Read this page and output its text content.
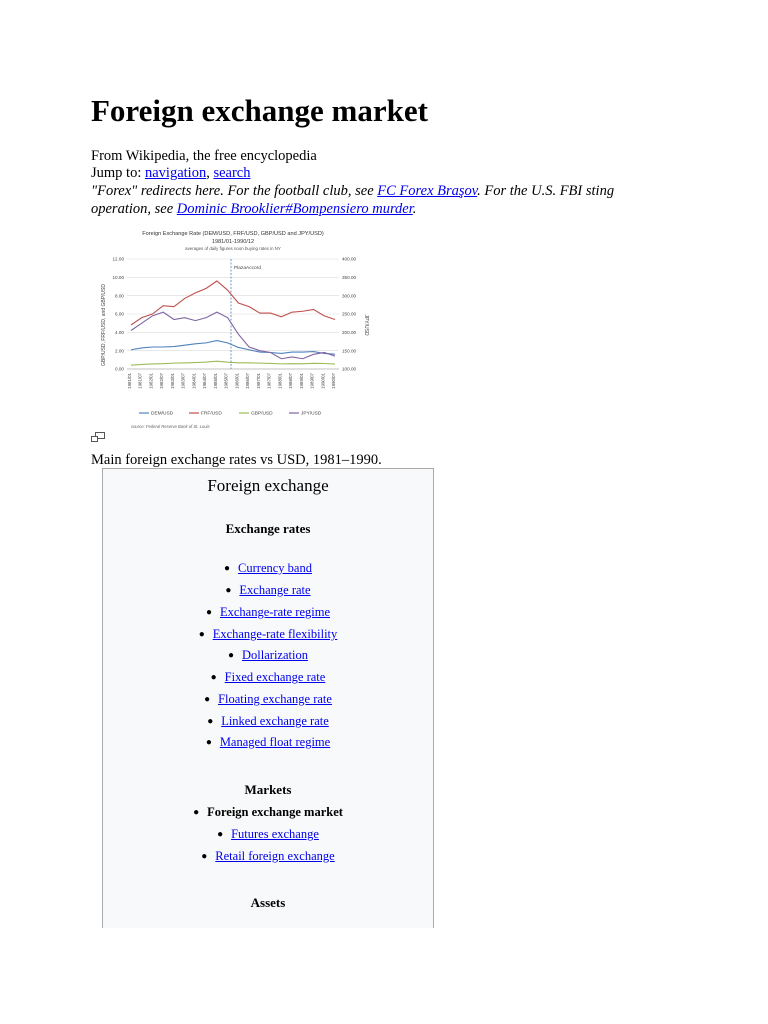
Foreign exchange market
From Wikipedia, the free encyclopedia
Jump to: navigation, search
"Forex" redirects here. For the football club, see FC Forex Braşov. For the U.S. FBI sting
operation, see Dominic Brooklier#Bompensiero murder.
Foreign Exchange Rate (DEM/USD, FRF/USD, GBP/USD and JPY/USD)
1981/01-1990/12
averages of daily figures noon buying rates in NY
GBP/USD, FRF/USD, and GBP/USD	JPY/USD
12.00
10.00
8.00
6.00
4.00
2.00
0.00
400.00
350.00
300.00
250.00
200.00
150.00
100.00
1981/01 1981/07 1982/01 1982/07 1983/01 1983/07 1984/01 1984/07 1985/01 1985/07 1986/01 1986/07 1987/01 1987/07 1988/01 1988/07 1989/01 1989/07 1990/01 1990/07
PlazaAccord
DEM/USD	FRF/USD	GBP/USD	JPY/USD
source: Federal Reserve Bank of St. Louis
Main foreign exchange rates vs USD, 1981–1990.
Foreign exchange
Exchange rates
● Currency band
● Exchange rate
● Exchange-rate regime
● Exchange-rate flexibility
● Dollarization
● Fixed exchange rate
● Floating exchange rate
● Linked exchange rate
● Managed float regime
Markets
● Foreign exchange market
● Futures exchange
● Retail foreign exchange
Assets
